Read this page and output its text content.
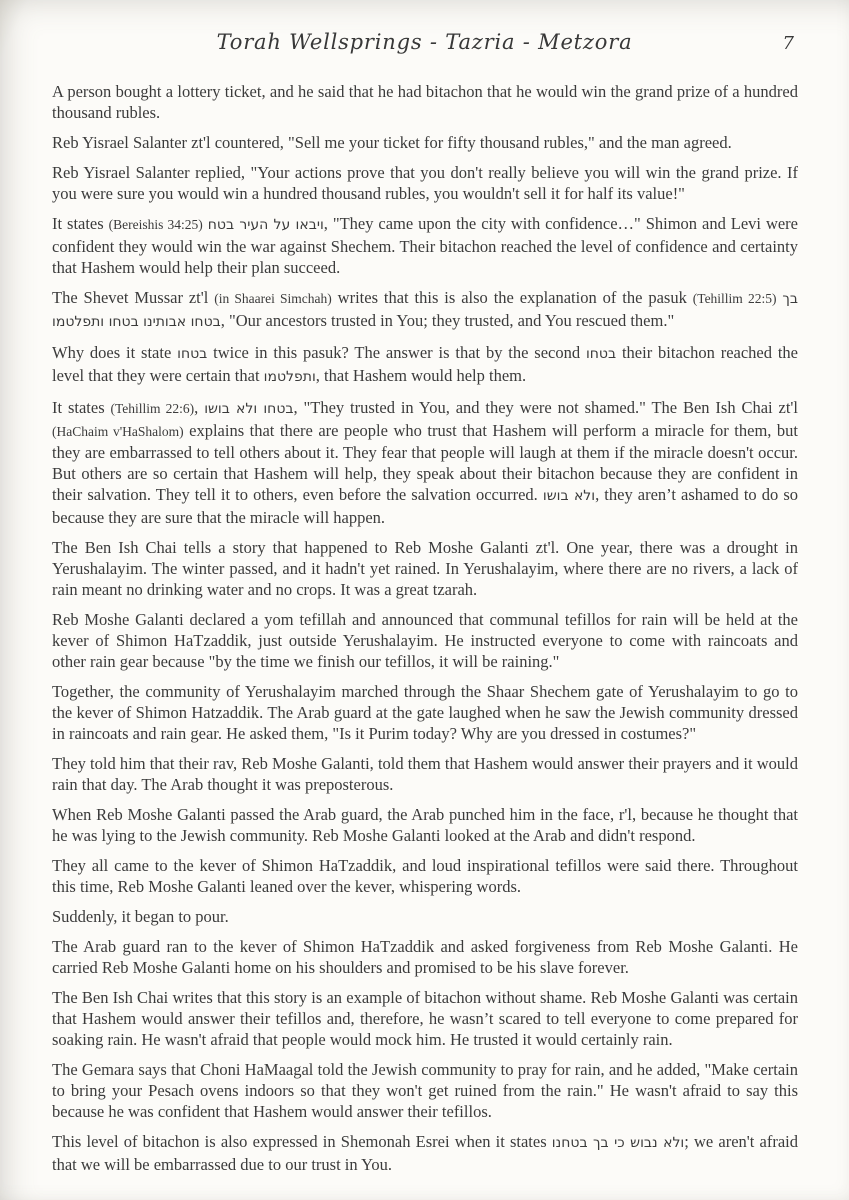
Torah Wellsprings - Tazria - Metzora	7

A person bought a lottery ticket, and he said that he had bitachon that he would win the grand prize of a hundred thousand rubles.

Reb Yisrael Salanter zt'l countered, "Sell me your ticket for fifty thousand rubles," and the man agreed.

Reb Yisrael Salanter replied, "Your actions prove that you don't really believe you will win the grand prize. If you were sure you would win a hundred thousand rubles, you wouldn't sell it for half its value!"

It states (Bereishis 34:25) ויבאו על העיר בטח, "They came upon the city with confidence…" Shimon and Levi were confident they would win the war against Shechem. Their bitachon reached the level of confidence and certainty that Hashem would help their plan succeed.

The Shevet Mussar zt'l (in Shaarei Simchah) writes that this is also the explanation of the pasuk (Tehillim 22:5) בך בטחו אבותינו בטחו ותפלטמו, "Our ancestors trusted in You; they trusted, and You rescued them."

Why does it state בטחו twice in this pasuk? The answer is that by the second בטחו their bitachon reached the level that they were certain that ותפלטמו, that Hashem would help them.

It states (Tehillim 22:6), בטחו ולא בושו, "They trusted in You, and they were not shamed." The Ben Ish Chai zt'l (HaChaim v'HaShalom) explains that there are people who trust that Hashem will perform a miracle for them, but they are embarrassed to tell others about it. They fear that people will laugh at them if the miracle doesn't occur. But others are so certain that Hashem will help, they speak about their bitachon because they are confident in their salvation. They tell it to others, even before the salvation occurred. ולא בושו, they aren’t ashamed to do so because they are sure that the miracle will happen.

The Ben Ish Chai tells a story that happened to Reb Moshe Galanti zt'l. One year, there was a drought in Yerushalayim. The winter passed, and it hadn't yet rained. In Yerushalayim, where there are no rivers, a lack of rain meant no drinking water and no crops. It was a great tzarah.

Reb Moshe Galanti declared a yom tefillah and announced that communal tefillos for rain will be held at the kever of Shimon HaTzaddik, just outside Yerushalayim. He instructed everyone to come with raincoats and other rain gear because "by the time we finish our tefillos, it will be raining."

Together, the community of Yerushalayim marched through the Shaar Shechem gate of Yerushalayim to go to the kever of Shimon Hatzaddik. The Arab guard at the gate laughed when he saw the Jewish community dressed in raincoats and rain gear. He asked them, "Is it Purim today? Why are you dressed in costumes?"

They told him that their rav, Reb Moshe Galanti, told them that Hashem would answer their prayers and it would rain that day. The Arab thought it was preposterous.

When Reb Moshe Galanti passed the Arab guard, the Arab punched him in the face, r'l, because he thought that he was lying to the Jewish community. Reb Moshe Galanti looked at the Arab and didn't respond.

They all came to the kever of Shimon HaTzaddik, and loud inspirational tefillos were said there. Throughout this time, Reb Moshe Galanti leaned over the kever, whispering words.

Suddenly, it began to pour.

The Arab guard ran to the kever of Shimon HaTzaddik and asked forgiveness from Reb Moshe Galanti. He carried Reb Moshe Galanti home on his shoulders and promised to be his slave forever.

The Ben Ish Chai writes that this story is an example of bitachon without shame. Reb Moshe Galanti was certain that Hashem would answer their tefillos and, therefore, he wasn’t scared to tell everyone to come prepared for soaking rain. He wasn't afraid that people would mock him. He trusted it would certainly rain.

The Gemara says that Choni HaMaagal told the Jewish community to pray for rain, and he added, "Make certain to bring your Pesach ovens indoors so that they won't get ruined from the rain." He wasn't afraid to say this because he was confident that Hashem would answer their tefillos.

This level of bitachon is also expressed in Shemonah Esrei when it states ולא נבוש כי בך בטחנו; we aren't afraid that we will be embarrassed due to our trust in You.
